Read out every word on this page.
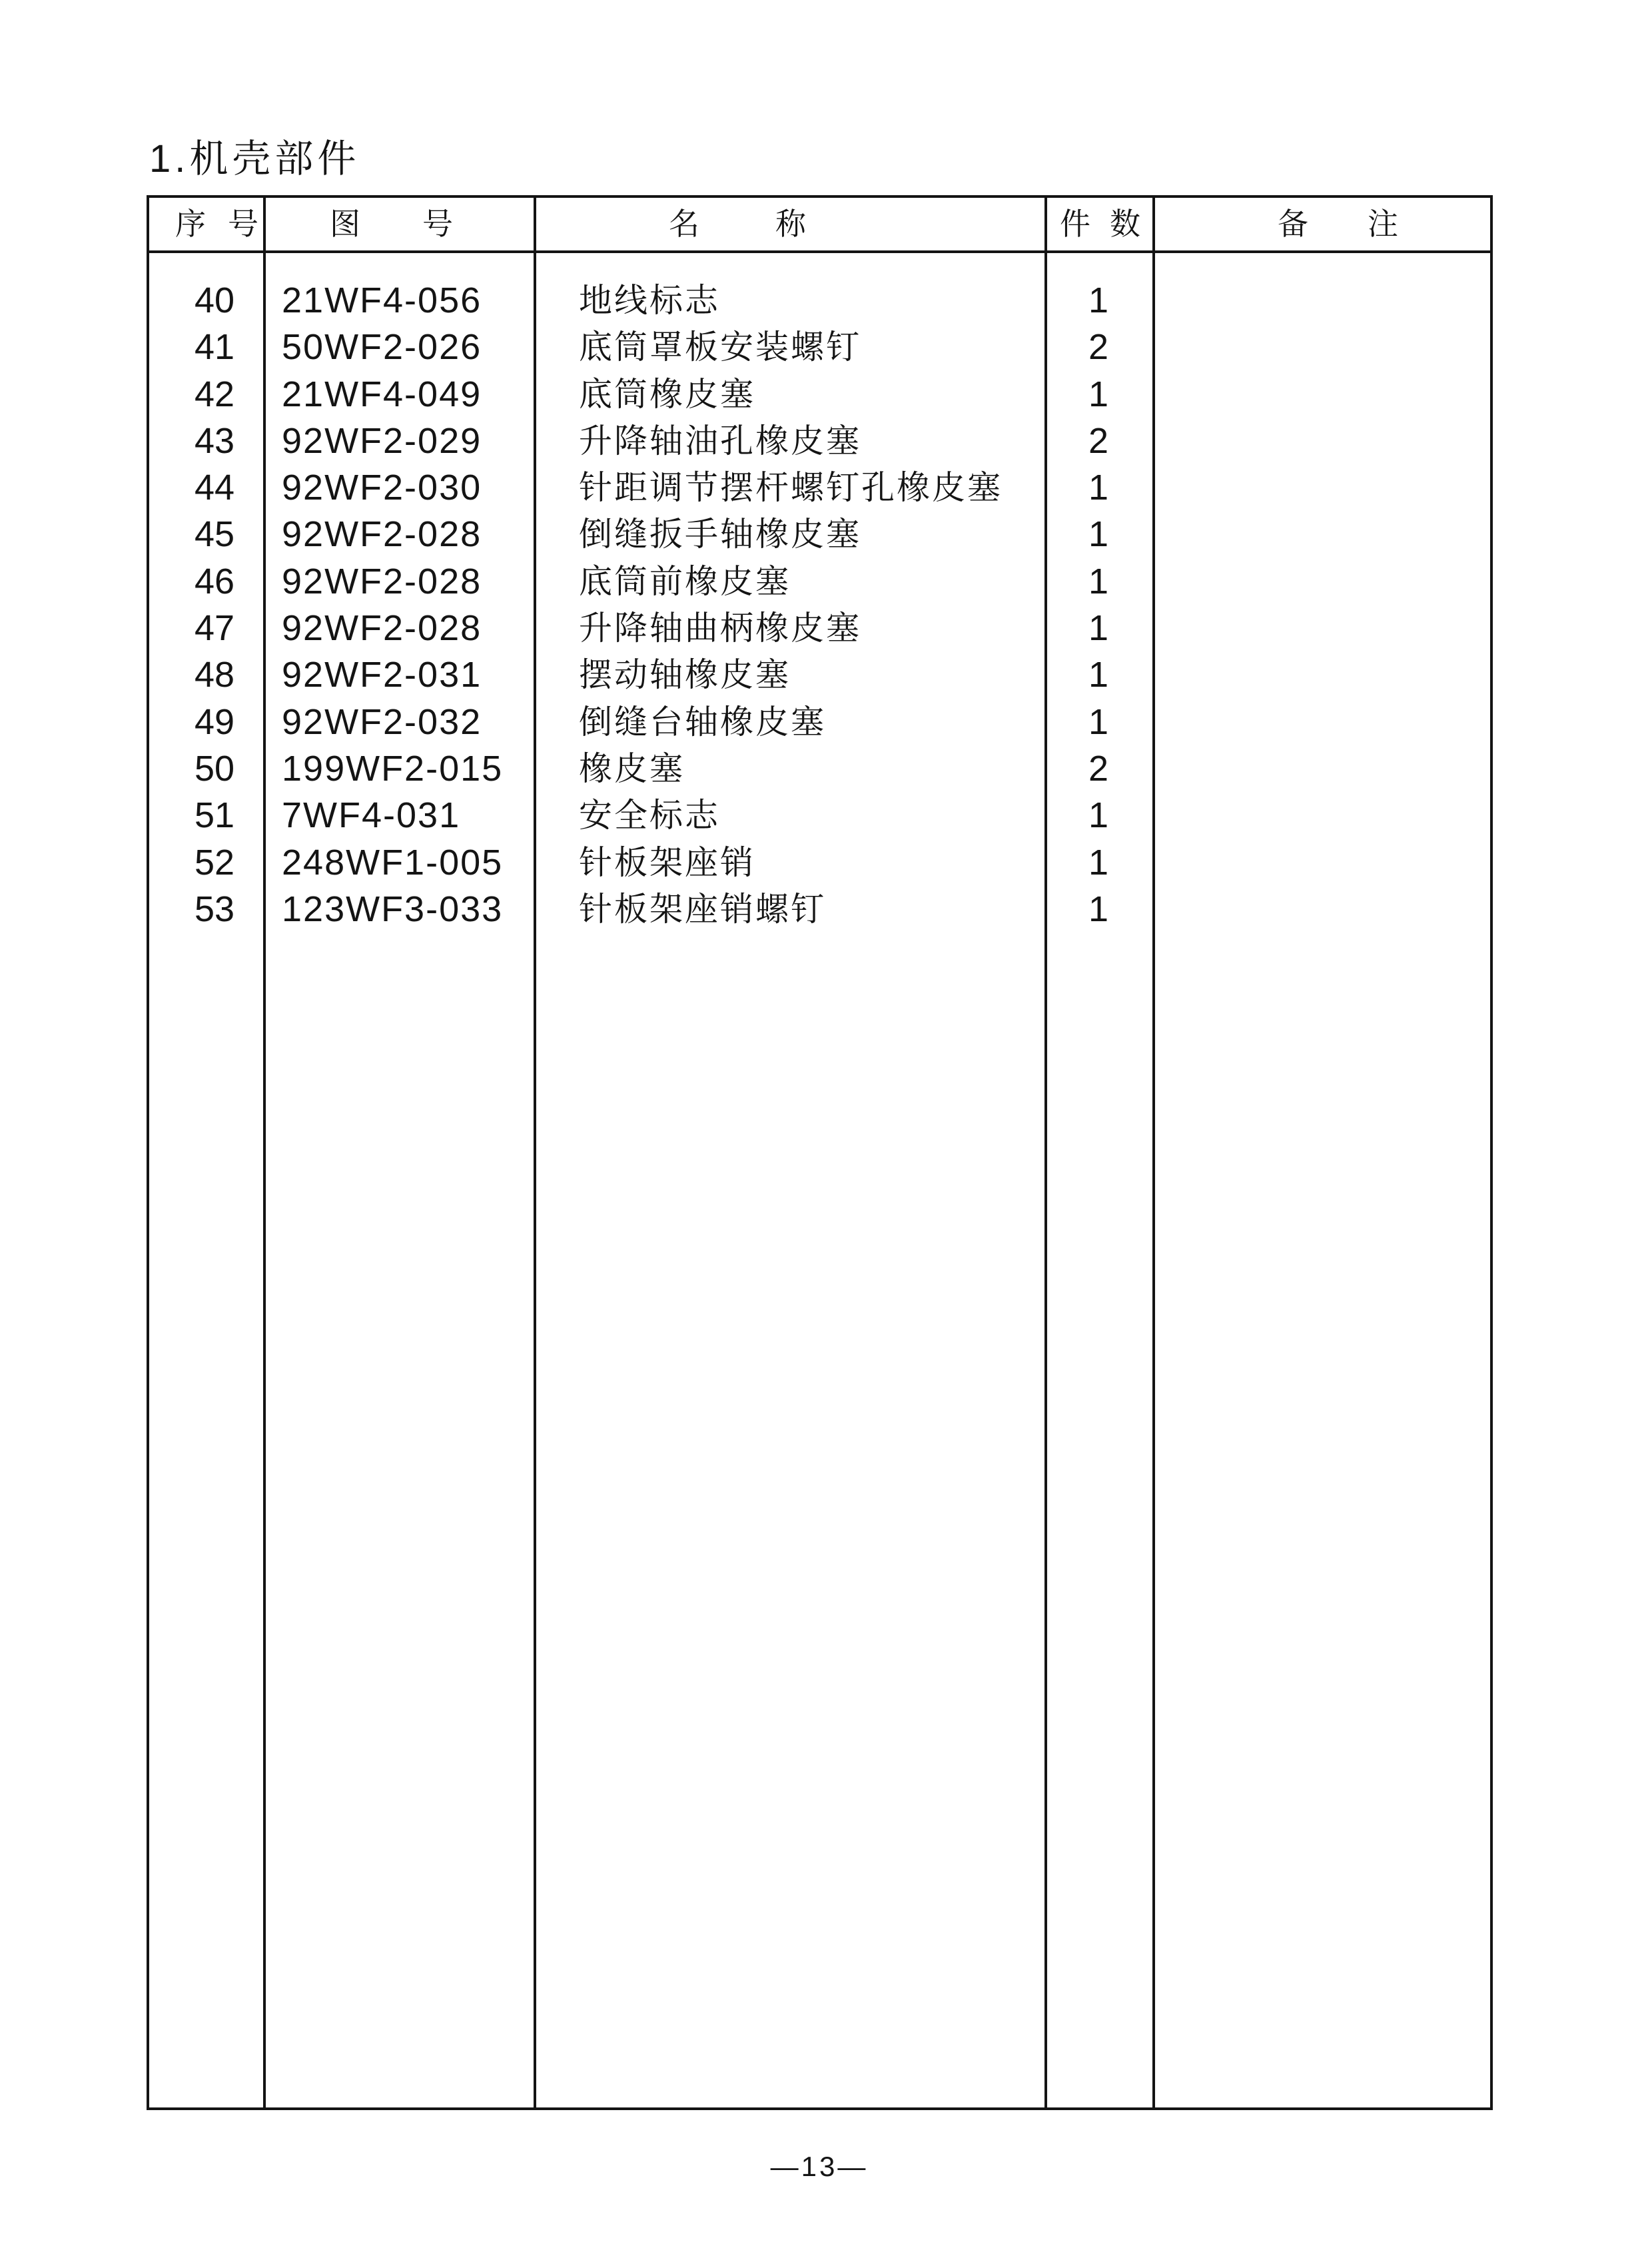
1.机壳部件
序号 图号	名称	件数	备注
40	21WF4-056	地线标志	1
41	50WF2-026	底筒罩板安装螺钉	2
42	21WF4-049	底筒橡皮塞	1
43	92WF2-029	升降轴油孔橡皮塞	2
44	92WF2-030	针距调节摆杆螺钉孔橡皮塞	1
45	92WF2-028	倒缝扳手轴橡皮塞	1
46	92WF2-028	底筒前橡皮塞	1
47	92WF2-028	升降轴曲柄橡皮塞	1
48	92WF2-031	摆动轴橡皮塞	1
49	92WF2-032	倒缝台轴橡皮塞	1
50	199WF2-015 橡皮塞	2
51	7WF4-031	安全标志	1
52	248WF1-005 针板架座销	1
53	123WF3-033 针板架座销螺钉	1
—13—
